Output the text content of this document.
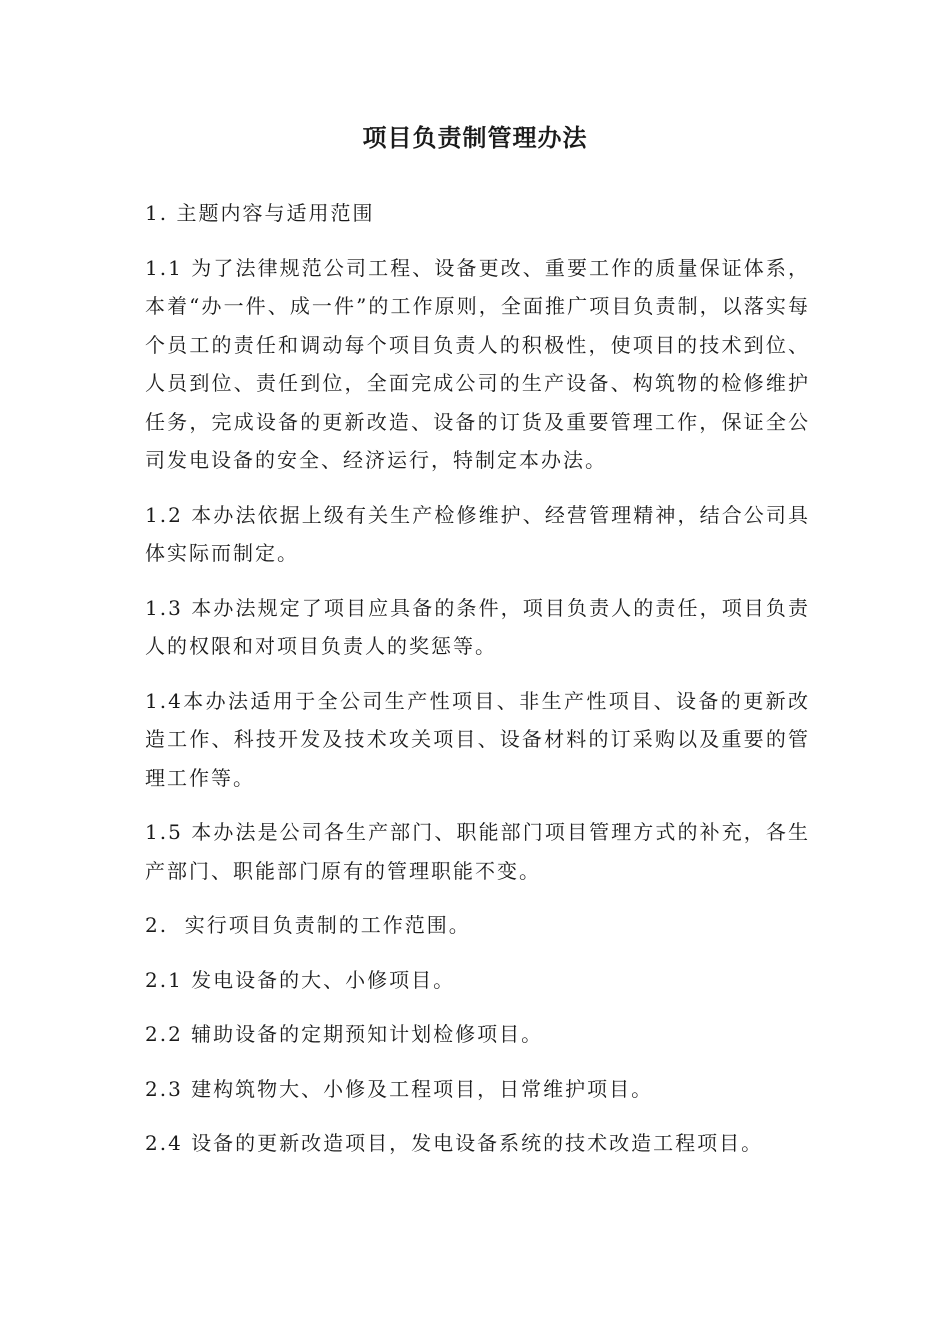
项目负责制管理办法

1. 主题内容与适用范围

1.1 为了法律规范公司工程、设备更改、重要工作的质量保证体系，本着“办一件、成一件”的工作原则，全面推广项目负责制，以落实每个员工的责任和调动每个项目负责人的积极性，使项目的技术到位、人员到位、责任到位，全面完成公司的生产设备、构筑物的检修维护任务，完成设备的更新改造、设备的订货及重要管理工作，保证全公司发电设备的安全、经济运行，特制定本办法。

1.2 本办法依据上级有关生产检修维护、经营管理精神，结合公司具体实际而制定。

1.3 本办法规定了项目应具备的条件，项目负责人的责任，项目负责人的权限和对项目负责人的奖惩等。

1.4本办法适用于全公司生产性项目、非生产性项目、设备的更新改造工作、科技开发及技术攻关项目、设备材料的订采购以及重要的管理工作等。

1.5 本办法是公司各生产部门、职能部门项目管理方式的补充，各生产部门、职能部门原有的管理职能不变。

2.  实行项目负责制的工作范围。

2.1 发电设备的大、小修项目。

2.2 辅助设备的定期预知计划检修项目。

2.3 建构筑物大、小修及工程项目，日常维护项目。

2.4 设备的更新改造项目，发电设备系统的技术改造工程项目。
